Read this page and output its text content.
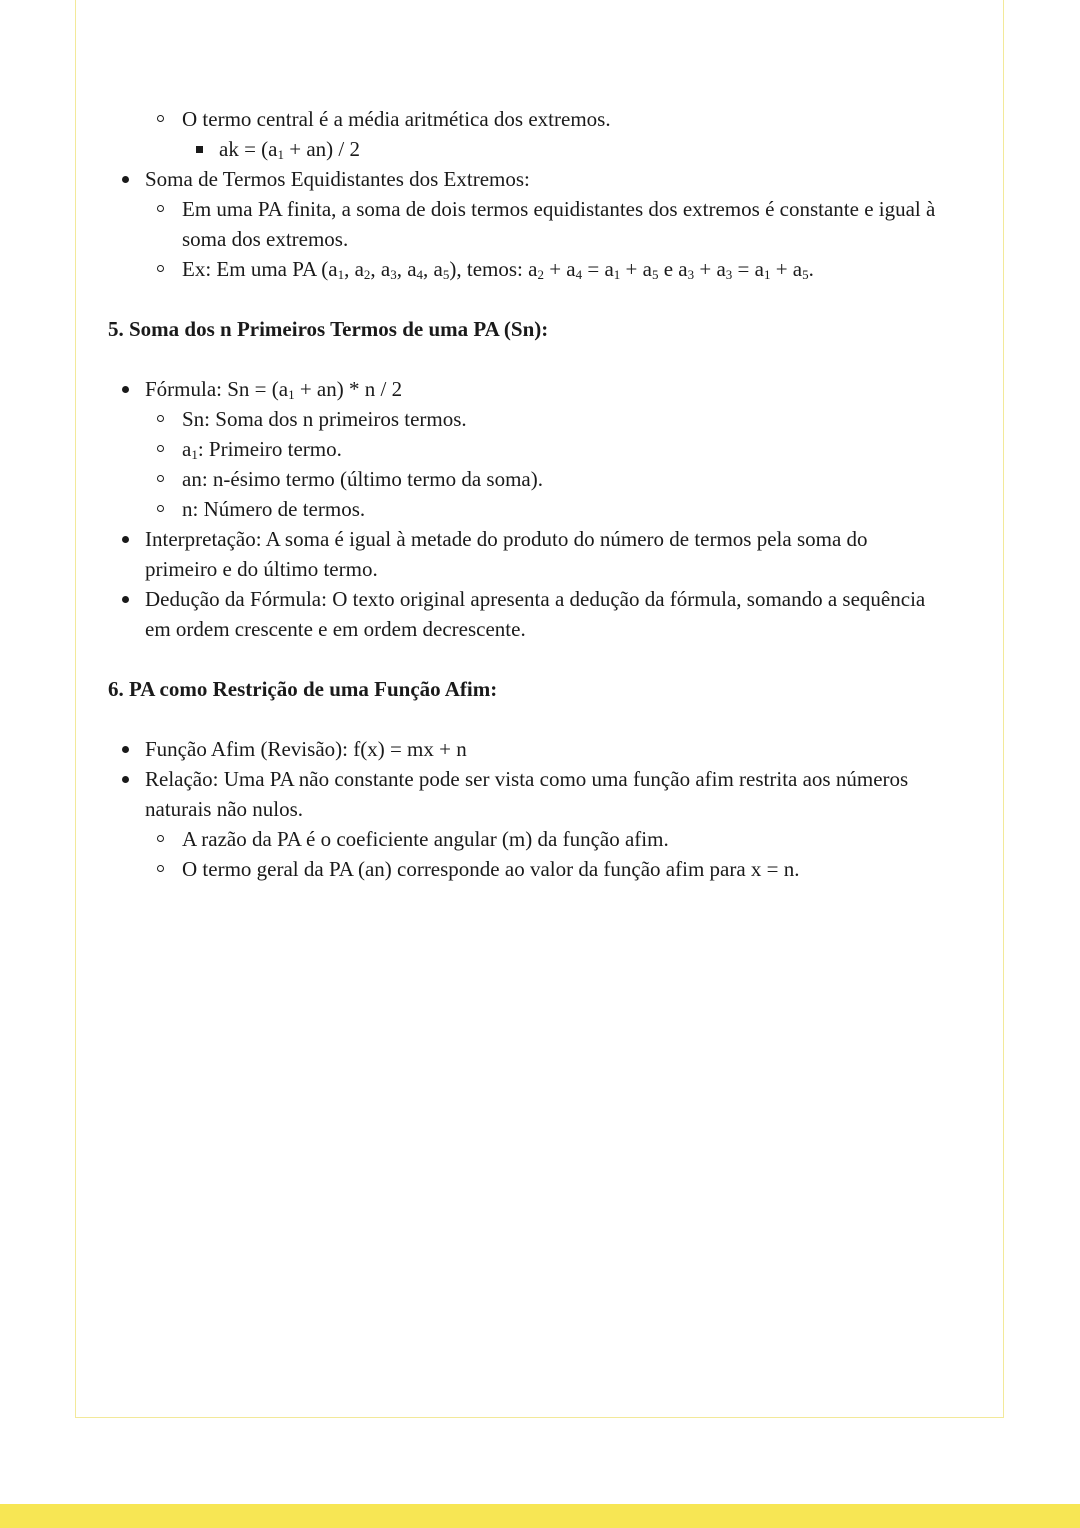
O termo central é a média aritmética dos extremos.
ak = $(a_1 + an) / 2$
Soma de Termos Equidistantes dos Extremos:
Em uma PA finita, a soma de dois termos equidistantes dos extremos é constante e igual à soma dos extremos.
Ex: Em uma PA ($a_1$, $a_2$, $a_3$, $a_4$, $a_5$), temos: $a_2 + a_4 = a_1 + a_5$ e $a_3 + a_3 = a_1 + a_5$.
5. Soma dos n Primeiros Termos de uma PA (Sn):
Fórmula: $Sn = (a_1 + an) * n / 2$
Sn: Soma dos n primeiros termos.
$a_1$: Primeiro termo.
an: n-ésimo termo (último termo da soma).
n: Número de termos.
Interpretação: A soma é igual à metade do produto do número de termos pela soma do primeiro e do último termo.
Dedução da Fórmula: O texto original apresenta a dedução da fórmula, somando a sequência em ordem crescente e em ordem decrescente.
6. PA como Restrição de uma Função Afim:
Função Afim (Revisão): f(x) = mx + n
Relação: Uma PA não constante pode ser vista como uma função afim restrita aos números naturais não nulos.
A razão da PA é o coeficiente angular (m) da função afim.
O termo geral da PA (an) corresponde ao valor da função afim para x = n.
